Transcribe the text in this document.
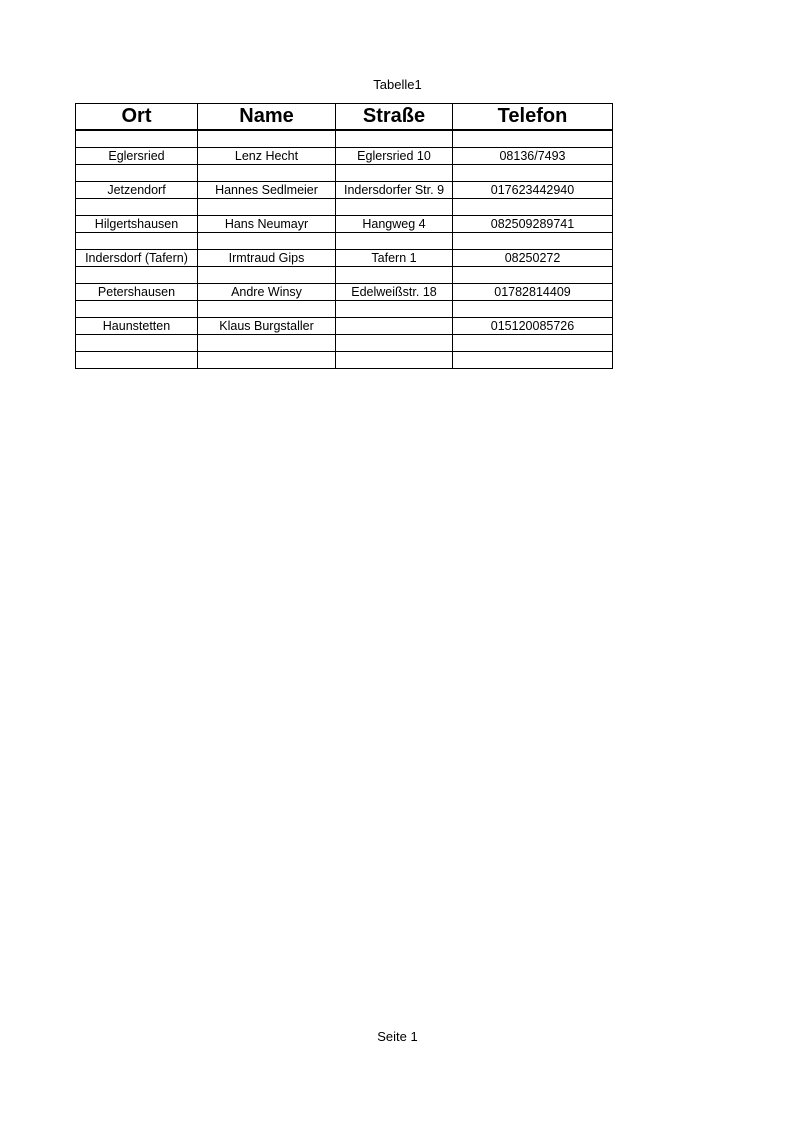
Tabelle1
Ort	Name	Straße	Telefon

Eglersried	Lenz Hecht	Eglersried 10	08136/7493

Jetzendorf	Hannes Sedlmeier	Indersdorfer Str. 9	017623442940

Hilgertshausen	Hans Neumayr	Hangweg 4	082509289741

Indersdorf (Tafern)	Irmtraud Gips	Tafern 1	08250272

Petershausen	Andre Winsy	Edelweißstr. 18	01782814409

Haunstetten	Klaus Burgstaller		015120085726

Seite 1
